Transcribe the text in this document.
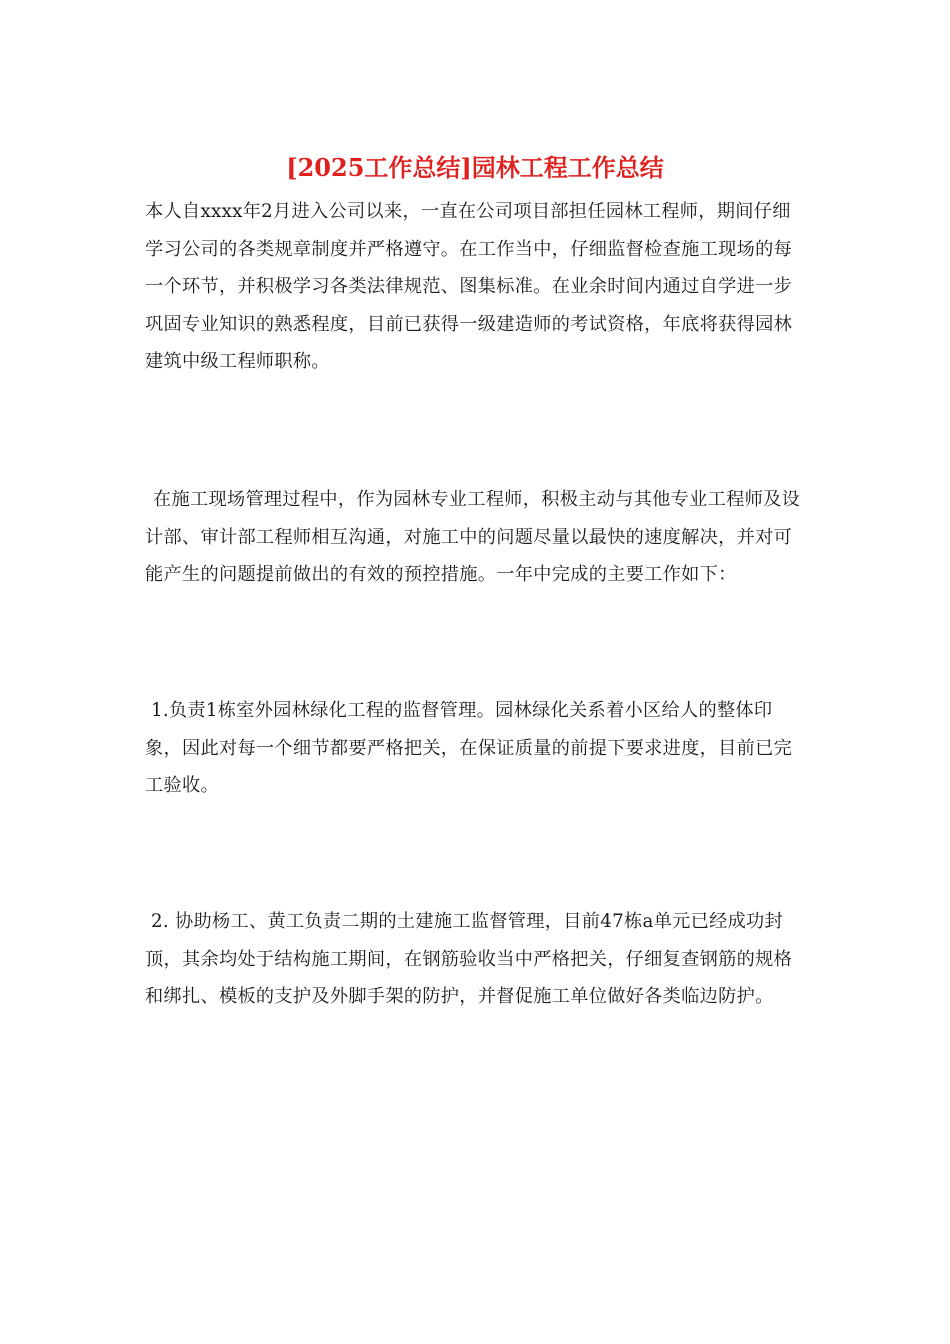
[2025工作总结]园林工程工作总结

本人自xxxx年2月进入公司以来，一直在公司项目部担任园林工程师，期间仔细学习公司的各类规章制度并严格遵守。在工作当中，仔细监督检查施工现场的每一个环节，并积极学习各类法律规范、图集标准。在业余时间内通过自学进一步巩固专业知识的熟悉程度，目前已获得一级建造师的考试资格，年底将获得园林建筑中级工程师职称。

在施工现场管理过程中，作为园林专业工程师，积极主动与其他专业工程师及设计部、审计部工程师相互沟通，对施工中的问题尽量以最快的速度解决，并对可能产生的问题提前做出的有效的预控措施。一年中完成的主要工作如下：

1.负责1栋室外园林绿化工程的监督管理。园林绿化关系着小区给人的整体印象，因此对每一个细节都要严格把关，在保证质量的前提下要求进度，目前已完工验收。

2. 协助杨工、黄工负责二期的土建施工监督管理，目前47栋a单元已经成功封顶，其余均处于结构施工期间，在钢筋验收当中严格把关，仔细复查钢筋的规格和绑扎、模板的支护及外脚手架的防护，并督促施工单位做好各类临边防护。
